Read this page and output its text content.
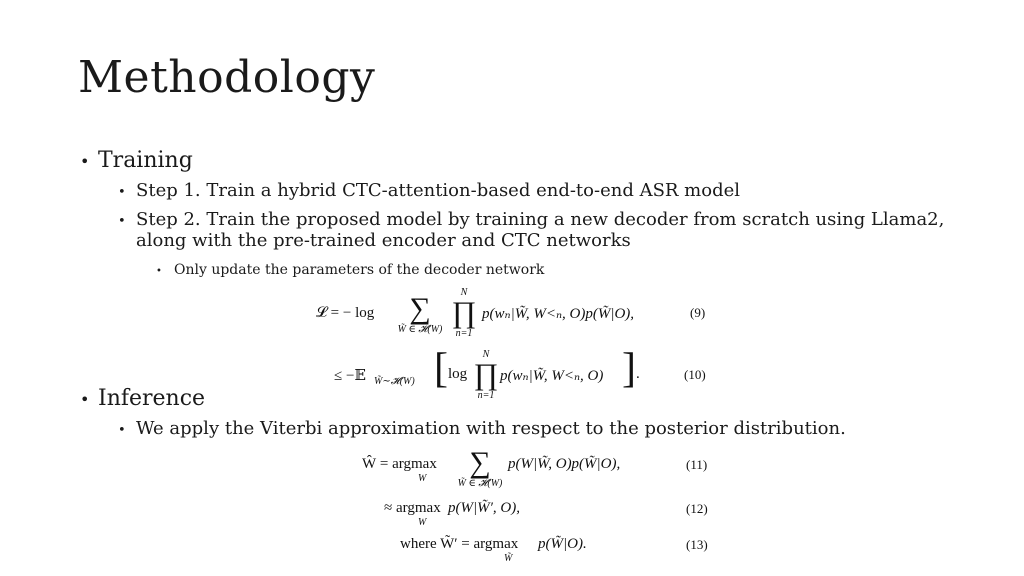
Methodology
• Training
• Step 1. Train a hybrid CTC-attention-based end-to-end ASR model
• Step 2. Train the proposed model by training a new decoder from scratch using Llama2,
along with the pre-trained encoder and CTC networks
• Only update the parameters of the decoder network
𝓛 = − log	∑
W̃ ∈ 𝓗(W)
N
∏
n=1
p(wₙ|W̃, W<ₙ, O)p(W̃|O),	(9)
≤ −𝔼 W̃∼𝓗(W) [ log
N
∏
n=1
p(wₙ|W̃, W<ₙ, O) ] .	(10)
• Inference
• We apply the Viterbi approximation with respect to the posterior distribution.
Ŵ = argmax
W	∑
W̃ ∈ 𝓗(W)
p(W|W̃, O)p(W̃|O),	(11)
≈ argmax
W
p(W|W̃′, O),	(12)
where W̃′ = argmax
W̃
p(W̃|O).	(13)
